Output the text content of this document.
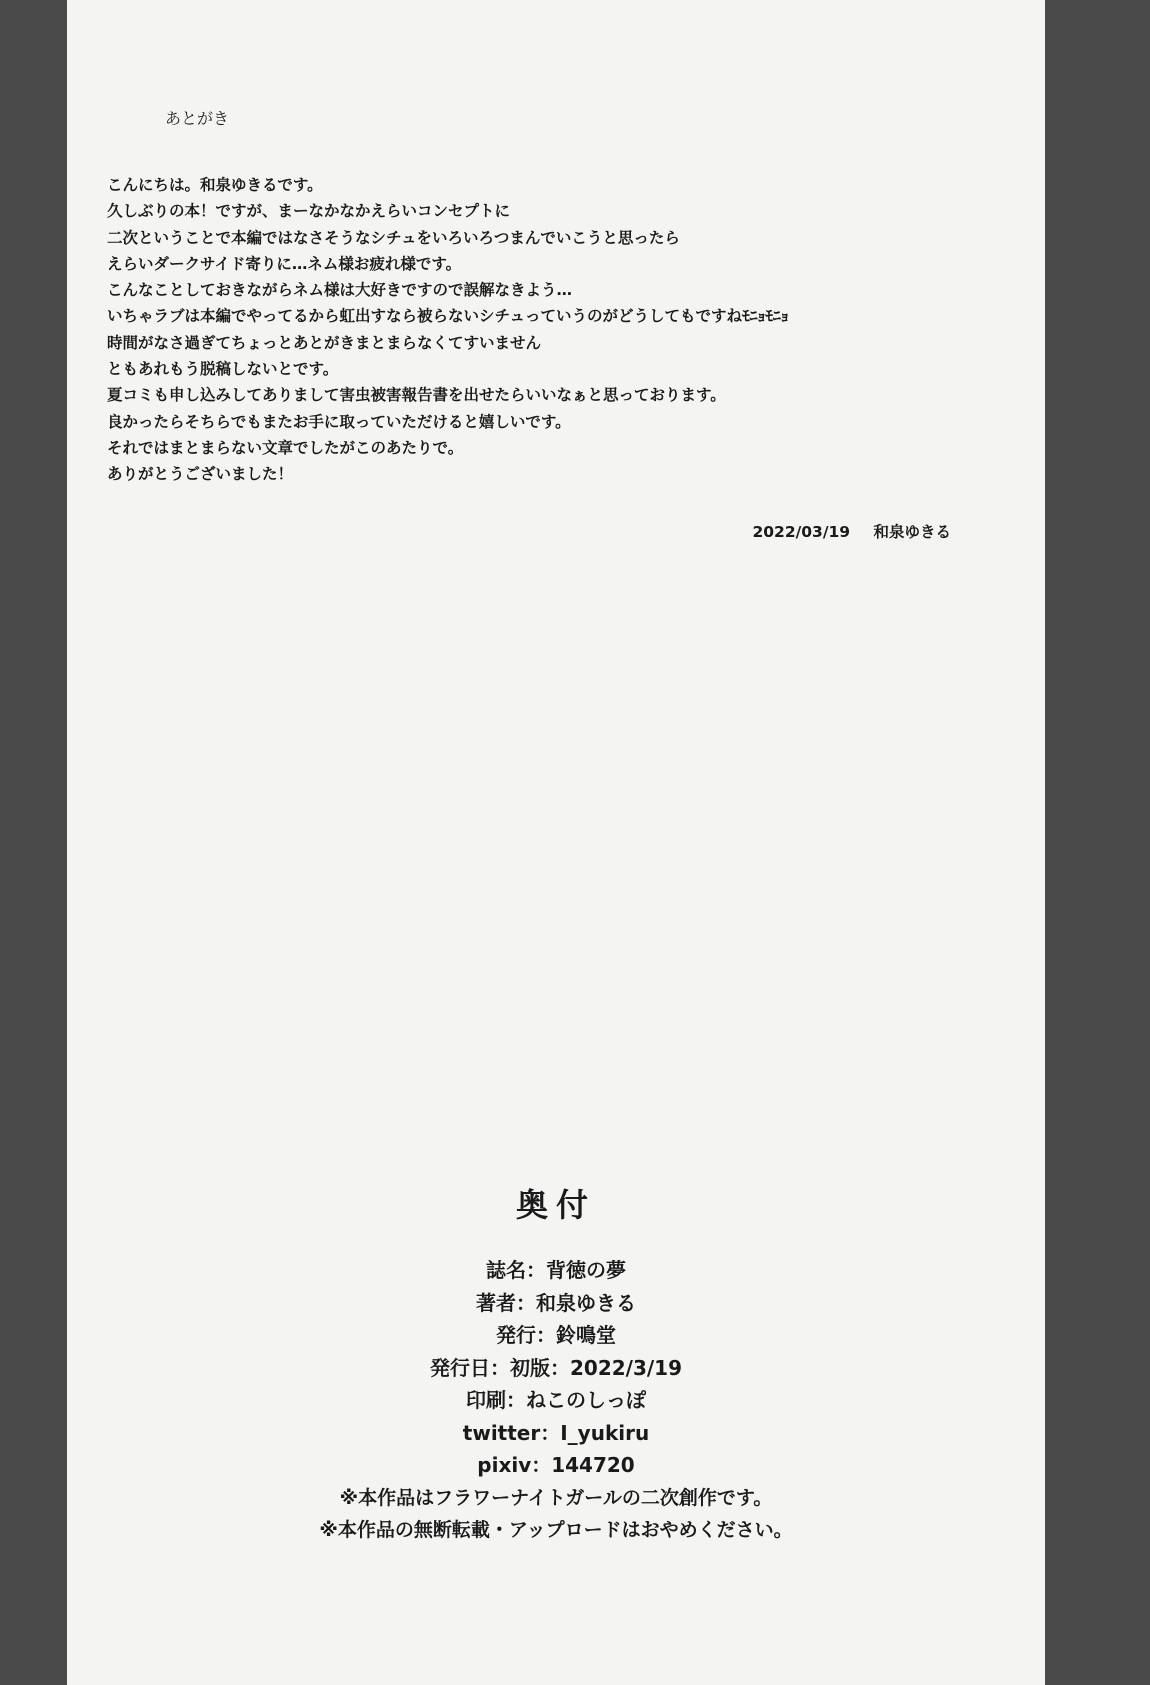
あとがき
こんにちは。和泉ゆきるです。
久しぶりの本！ですが、まーなかなかえらいコンセプトに
二次ということで本編ではなさそうなシチュをいろいろつまんでいこうと思ったら
えらいダークサイド寄りに…ネム様お疲れ様です。
こんなことしておきながらネム様は大好きですので誤解なきよう…
いちゃラブは本編でやってるから虹出すなら被らないシチュっていうのがどうしてもですねﾓﾆｮﾓﾆｮ
時間がなさ過ぎてちょっとあとがきまとまらなくてすいません
ともあれもう脱稿しないとです。
夏コミも申し込みしてありまして害虫被害報告書を出せたらいいなぁと思っております。
良かったらそちらでもまたお手に取っていただけると嬉しいです。
それではまとまらない文章でしたがこのあたりで。
ありがとうございました！
2022/03/19 和泉ゆきる
奥付
誌名：背徳の夢
著者：和泉ゆきる
発行：鈴鳴堂
発行日：初版：2022/3/19
印刷：ねこのしっぽ
twitter：I_yukiru
pixiv：144720
※本作品はフラワーナイトガールの二次創作です。
※本作品の無断転載・アップロードはおやめください。
